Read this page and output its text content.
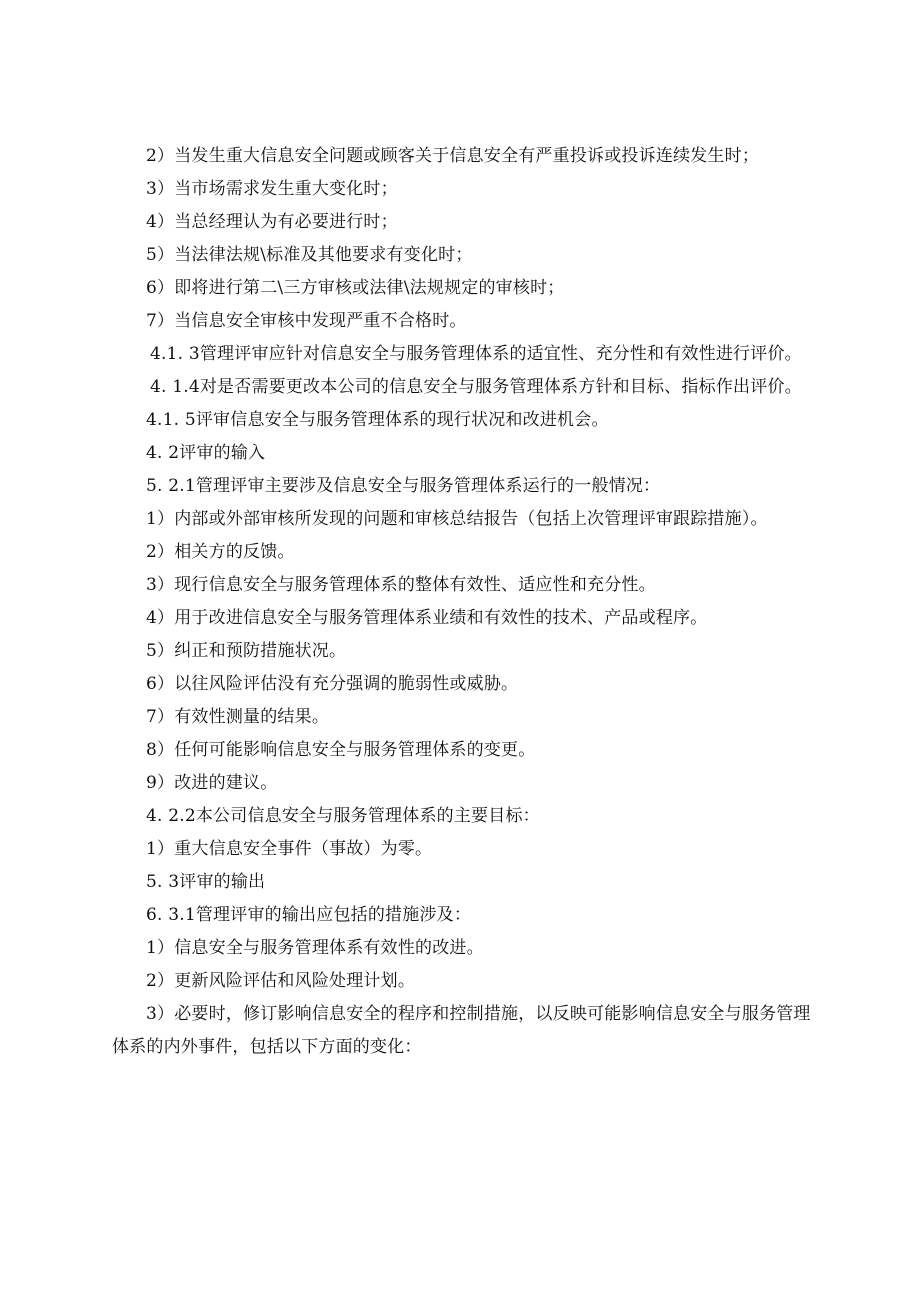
2）当发生重大信息安全问题或顾客关于信息安全有严重投诉或投诉连续发生时；

3）当市场需求发生重大变化时；

4）当总经理认为有必要进行时；

5）当法律法规\标准及其他要求有变化时；

6）即将进行第二\三方审核或法律\法规规定的审核时；

7）当信息安全审核中发现严重不合格时。

4.1. 3管理评审应针对信息安全与服务管理体系的适宜性、充分性和有效性进行评价。

4. 1.4对是否需要更改本公司的信息安全与服务管理体系方针和目标、指标作出评价。

4.1. 5评审信息安全与服务管理体系的现行状况和改进机会。

4. 2评审的输入

5. 2.1管理评审主要涉及信息安全与服务管理体系运行的一般情况：

1）内部或外部审核所发现的问题和审核总结报告（包括上次管理评审跟踪措施）。

2）相关方的反馈。

3）现行信息安全与服务管理体系的整体有效性、适应性和充分性。

4）用于改进信息安全与服务管理体系业绩和有效性的技术、产品或程序。

5）纠正和预防措施状况。

6）以往风险评估没有充分强调的脆弱性或威胁。

7）有效性测量的结果。

8）任何可能影响信息安全与服务管理体系的变更。

9）改进的建议。

4. 2.2本公司信息安全与服务管理体系的主要目标：

1）重大信息安全事件（事故）为零。

5. 3评审的输出

6. 3.1管理评审的输出应包括的措施涉及：

1）信息安全与服务管理体系有效性的改进。

2）更新风险评估和风险处理计划。

3）必要时，修订影响信息安全的程序和控制措施，以反映可能影响信息安全与服务管理体系的内外事件，包括以下方面的变化：
